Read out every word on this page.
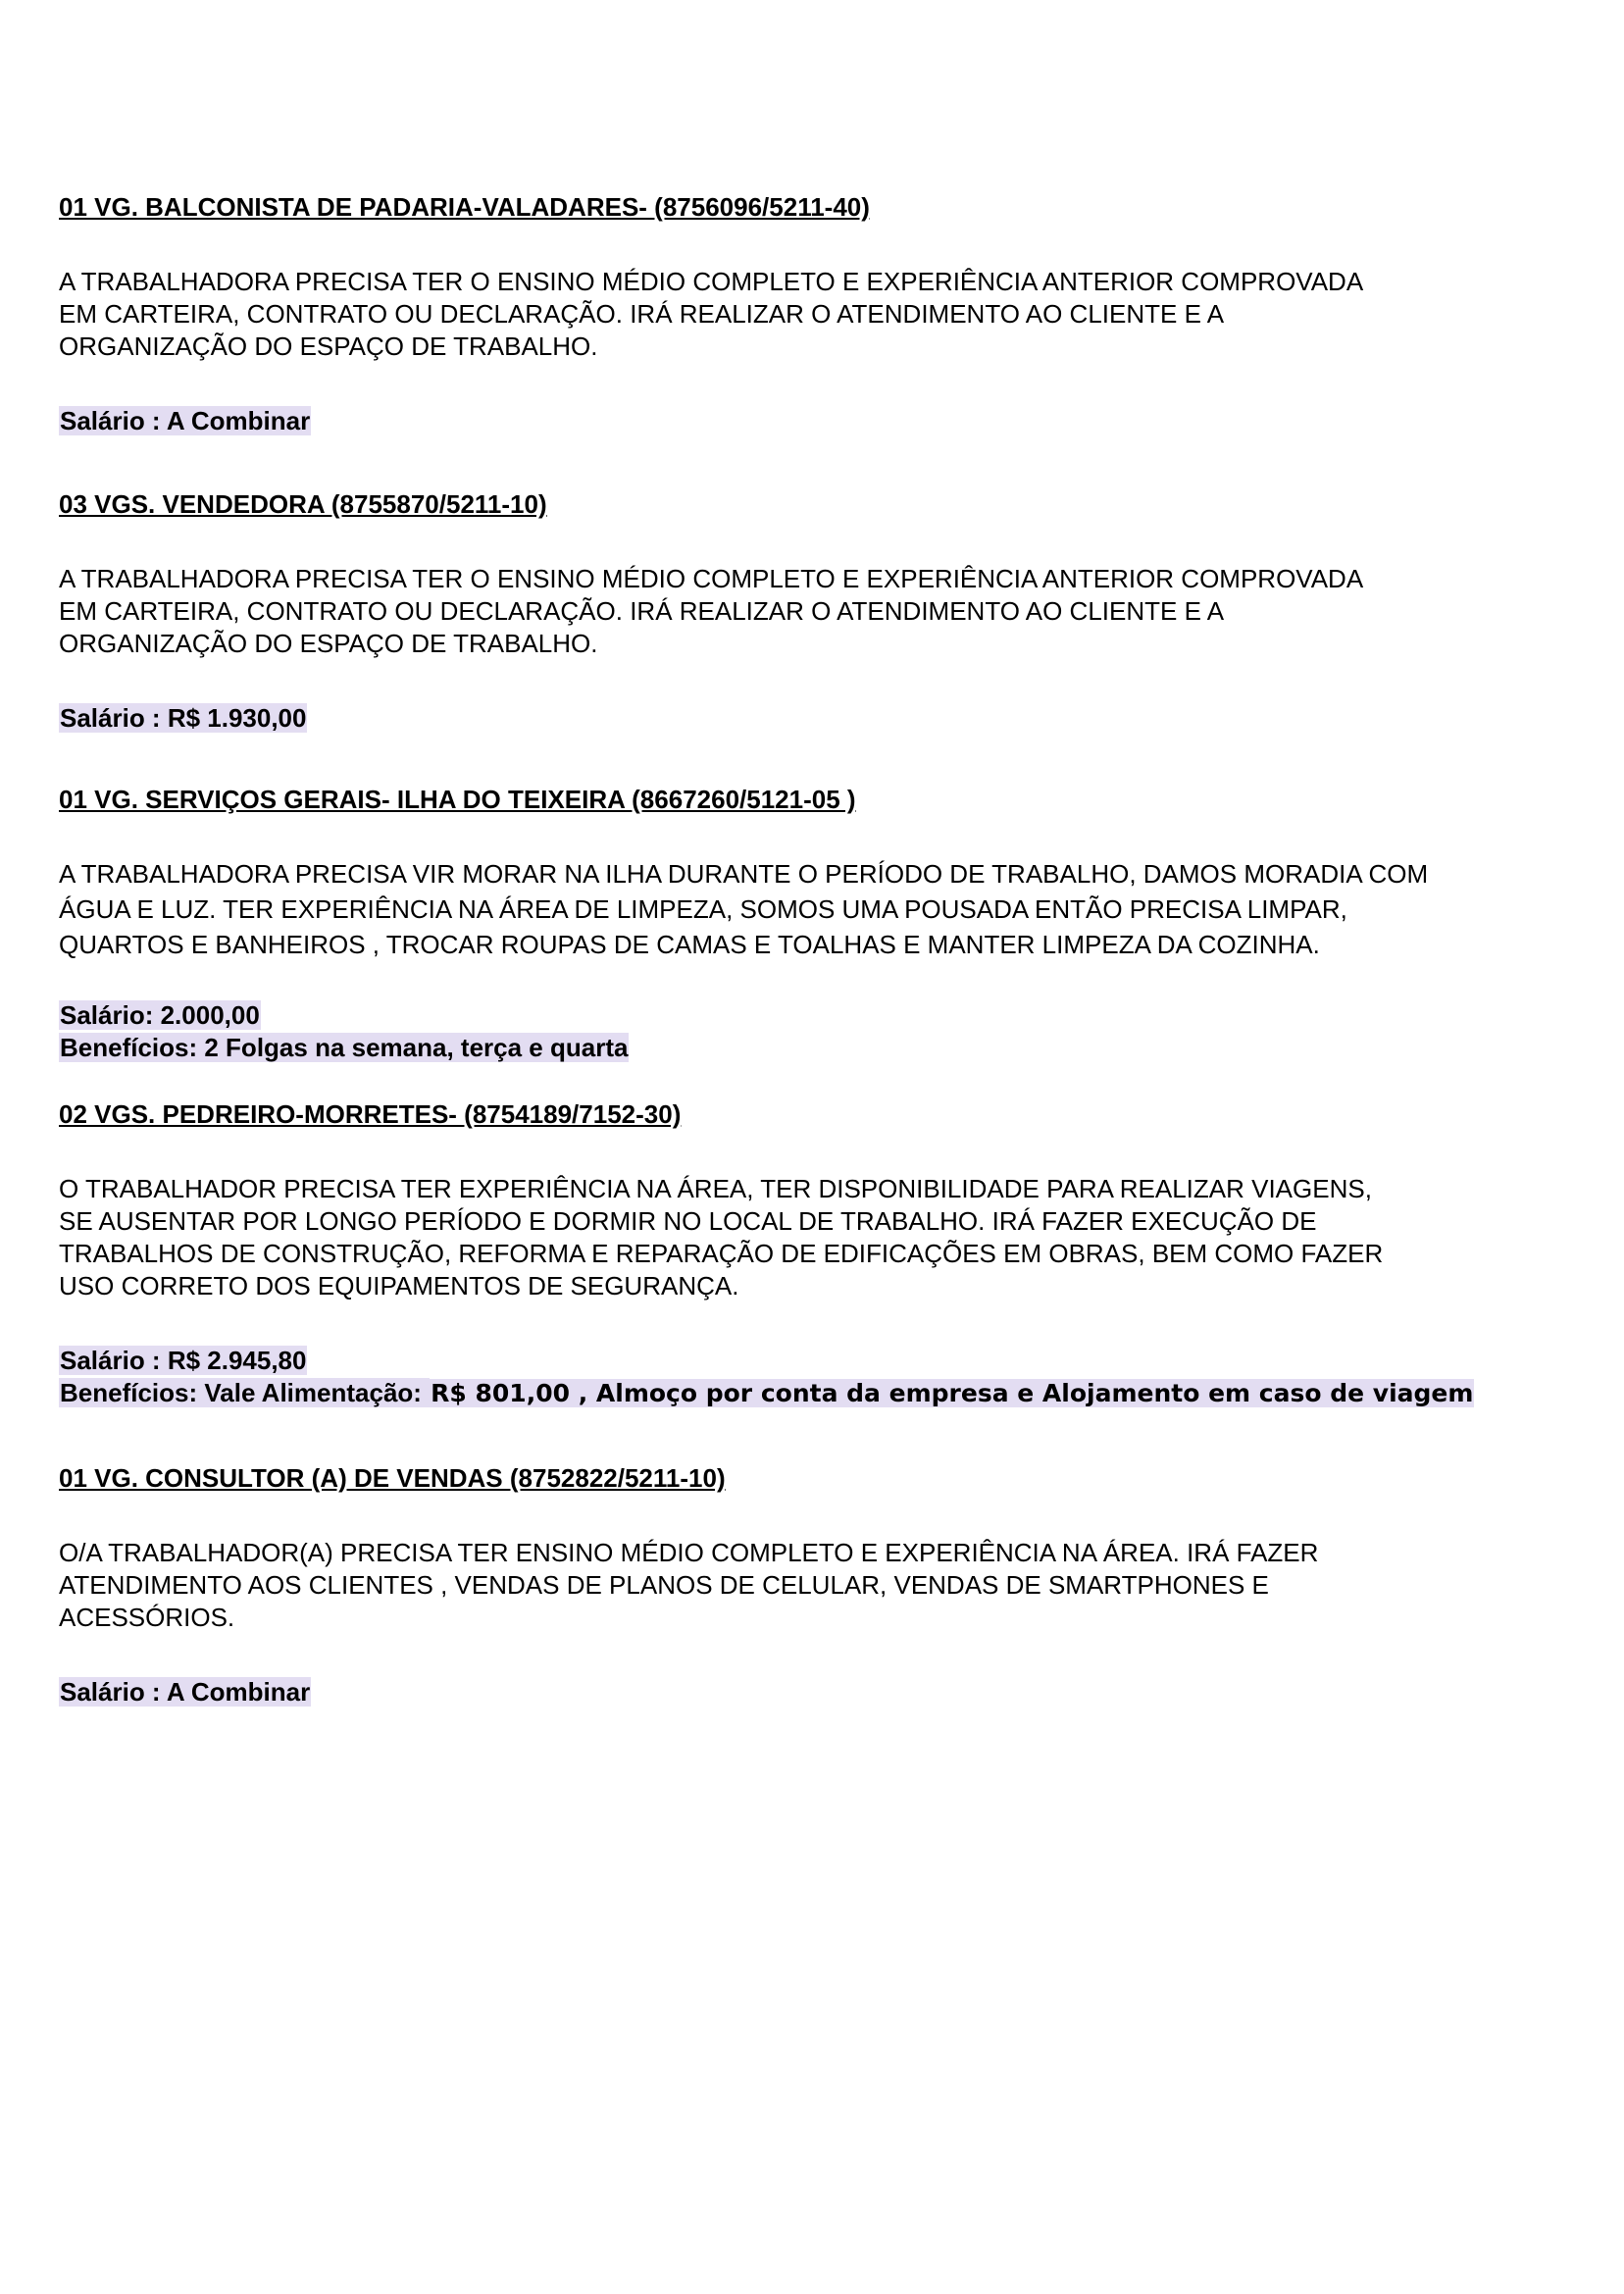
01 VG. BALCONISTA DE PADARIA-VALADARES- (8756096/5211-40)

A TRABALHADORA PRECISA TER O ENSINO MÉDIO COMPLETO E EXPERIÊNCIA ANTERIOR COMPROVADA
EM CARTEIRA, CONTRATO OU DECLARAÇÃO. IRÁ REALIZAR O ATENDIMENTO AO CLIENTE E A
ORGANIZAÇÃO DO ESPAÇO DE TRABALHO.
Salário : A Combinar

03 VGS. VENDEDORA (8755870/5211-10)

A TRABALHADORA PRECISA TER O ENSINO MÉDIO COMPLETO E EXPERIÊNCIA ANTERIOR COMPROVADA
EM CARTEIRA, CONTRATO OU DECLARAÇÃO. IRÁ REALIZAR O ATENDIMENTO AO CLIENTE E A
ORGANIZAÇÃO DO ESPAÇO DE TRABALHO.
Salário : R$ 1.930,00

01 VG. SERVIÇOS GERAIS- ILHA DO TEIXEIRA (8667260/5121-05 )

A TRABALHADORA PRECISA VIR MORAR NA ILHA DURANTE O PERÍODO DE TRABALHO, DAMOS MORADIA COM
ÁGUA E LUZ. TER EXPERIÊNCIA NA ÁREA DE LIMPEZA, SOMOS UMA POUSADA ENTÃO PRECISA LIMPAR,
QUARTOS E BANHEIROS , TROCAR ROUPAS DE CAMAS E TOALHAS E MANTER LIMPEZA DA COZINHA.
Salário: 2.000,00
Benefícios: 2 Folgas na semana, terça e quarta

02 VGS. PEDREIRO-MORRETES- (8754189/7152-30)

O TRABALHADOR PRECISA TER EXPERIÊNCIA NA ÁREA, TER DISPONIBILIDADE PARA REALIZAR VIAGENS,
SE AUSENTAR POR LONGO PERÍODO E DORMIR NO LOCAL DE TRABALHO. IRÁ FAZER EXECUÇÃO DE
TRABALHOS DE CONSTRUÇÃO, REFORMA E REPARAÇÃO DE EDIFICAÇÕES EM OBRAS, BEM COMO FAZER
USO CORRETO DOS EQUIPAMENTOS DE SEGURANÇA.
Salário : R$ 2.945,80
Benefícios: Vale Alimentação: R$ 801,00 , Almoço por conta da empresa e Alojamento em caso de viagem

01 VG. CONSULTOR (A) DE VENDAS (8752822/5211-10)

O/A TRABALHADOR(A) PRECISA TER ENSINO MÉDIO COMPLETO E EXPERIÊNCIA NA ÁREA. IRÁ FAZER
ATENDIMENTO AOS CLIENTES , VENDAS DE PLANOS DE CELULAR, VENDAS DE SMARTPHONES E
ACESSÓRIOS.
Salário : A Combinar
